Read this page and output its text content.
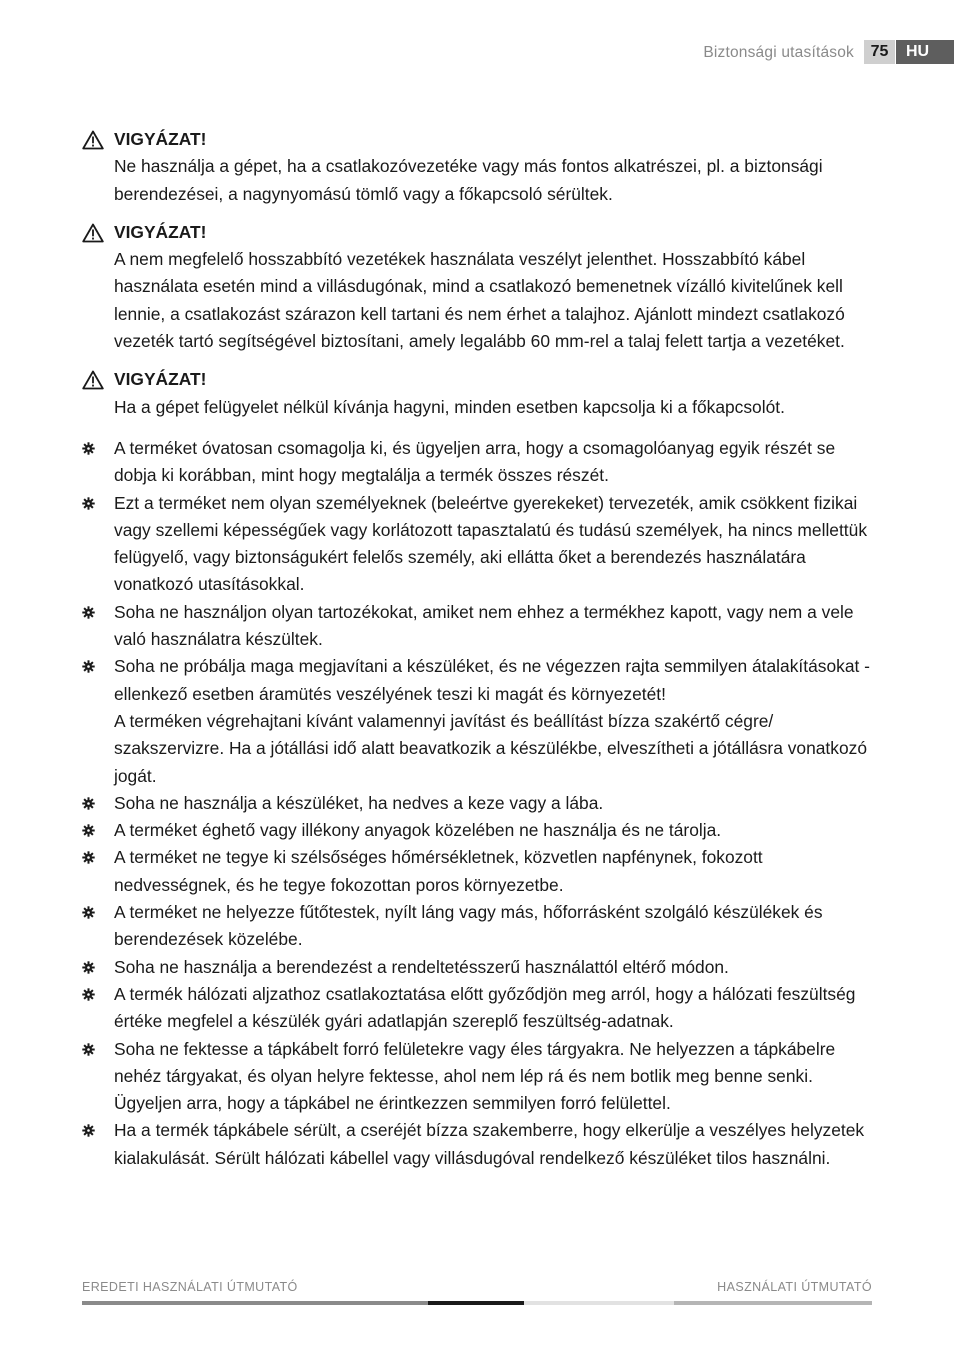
Biztonsági utasítások	75	HU
VIGYÁZAT!
Ne használja a gépet, ha a csatlakozóvezetéke vagy más fontos alkatrészei, pl. a biztonsági berendezései, a nagynyomású tömlő vagy a főkapcsoló sérültek.
VIGYÁZAT!
A nem megfelelő hosszabbító vezetékek használata veszélyt jelenthet. Hosszabbító kábel használata esetén mind a villásdugónak, mind a csatlakozó bemenetnek vízálló kivitelűnek kell lennie, a csatlakozást szárazon kell tartani és nem érhet a talajhoz. Ajánlott mindezt csatlakozó vezeték tartó segítségével biztosítani, amely legalább 60 mm-rel a talaj felett tartja a vezetéket.
VIGYÁZAT!
Ha a gépet felügyelet nélkül kívánja hagyni, minden esetben kapcsolja ki a főkapcsolót.
A terméket óvatosan csomagolja ki, és ügyeljen arra, hogy a csomagolóanyag egyik részét se dobja ki korábban, mint hogy megtalálja a termék összes részét.
Ezt a terméket nem olyan személyeknek (beleértve gyerekeket) tervezeték, amik csökkent fizikai vagy szellemi képességűek vagy korlátozott tapasztalatú és tudású személyek, ha nincs mellettük felügyelő, vagy biztonságukért felelős személy, aki ellátta őket a berendezés használatára vonatkozó utasításokkal.
Soha ne használjon olyan tartozékokat, amiket nem ehhez a termékhez kapott, vagy nem a vele való használatra készültek.
Soha ne próbálja maga megjavítani a készüléket, és ne végezzen rajta semmilyen átalakításokat - ellenkező esetben áramütés veszélyének teszi ki magát és környezetét!
A terméken végrehajtani kívánt valamennyi javítást és beállítást bízza szakértő cégre/ szakszervizre. Ha a jótállási idő alatt beavatkozik a készülékbe, elveszítheti a jótállásra vonatkozó jogát.
Soha ne használja a készüléket, ha nedves a keze vagy a lába.
A terméket éghető vagy illékony anyagok közelében ne használja és ne tárolja.
A terméket ne tegye ki szélsőséges hőmérsékletnek, közvetlen napfénynek, fokozott nedvességnek, és he tegye fokozottan poros környezetbe.
A terméket ne helyezze fűtőtestek, nyílt láng vagy más, hőforrásként szolgáló készülékek és berendezések közelébe.
Soha ne használja a berendezést a rendeltetésszerű használattól eltérő módon.
A termék hálózati aljzathoz csatlakoztatása előtt győződjön meg arról, hogy a hálózati feszültség értéke megfelel a készülék gyári adatlapján szereplő feszültség-adatnak.
Soha ne fektesse a tápkábelt forró felületekre vagy éles tárgyakra. Ne helyezzen a tápkábelre nehéz tárgyakat, és olyan helyre fektesse, ahol nem lép rá és nem botlik meg benne senki. Ügyeljen arra, hogy a tápkábel ne érintkezzen semmilyen forró felülettel.
Ha a termék tápkábele sérült, a cseréjét bízza szakemberre, hogy elkerülje a veszélyes helyzetek kialakulását. Sérült hálózati kábellel vagy villásdugóval rendelkező készüléket tilos használni.
EREDETI HASZNÁLATI ÚTMUTATÓ	HASZNÁLATI ÚTMUTATÓ
